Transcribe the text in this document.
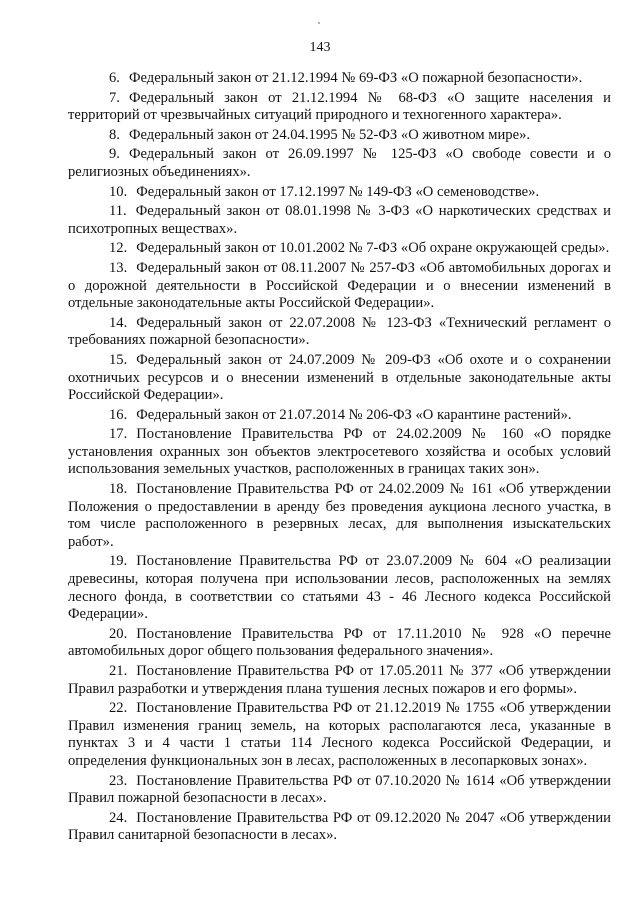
143

6. Федеральный закон от 21.12.1994 № 69-ФЗ «О пожарной безопасности».

7. Федеральный закон от 21.12.1994 № 68-ФЗ «О защите населения и территорий от чрезвычайных ситуаций природного и техногенного характера».

8. Федеральный закон от 24.04.1995 № 52-ФЗ «О животном мире».

9. Федеральный закон от 26.09.1997 № 125-ФЗ «О свободе совести и о религиозных объединениях».

10. Федеральный закон от 17.12.1997 № 149-ФЗ «О семеноводстве».

11. Федеральный закон от 08.01.1998 № 3-ФЗ «О наркотических средствах и психотропных веществах».

12. Федеральный закон от 10.01.2002 № 7-ФЗ «Об охране окружающей среды».

13. Федеральный закон от 08.11.2007 № 257-ФЗ «Об автомобильных дорогах и о дорожной деятельности в Российской Федерации и о внесении изменений в отдельные законодательные акты Российской Федерации».

14. Федеральный закон от 22.07.2008 № 123-ФЗ «Технический регламент о требованиях пожарной безопасности».

15. Федеральный закон от 24.07.2009 № 209-ФЗ «Об охоте и о сохранении охотничьих ресурсов и о внесении изменений в отдельные законодательные акты Российской Федерации».

16. Федеральный закон от 21.07.2014 № 206-ФЗ «О карантине растений».

17. Постановление Правительства РФ от 24.02.2009 № 160 «О порядке установления охранных зон объектов электросетевого хозяйства и особых условий использования земельных участков, расположенных в границах таких зон».

18. Постановление Правительства РФ от 24.02.2009 № 161 «Об утверждении Положения о предоставлении в аренду без проведения аукциона лесного участка, в том числе расположенного в резервных лесах, для выполнения изыскательских работ».

19. Постановление Правительства РФ от 23.07.2009 № 604 «О реализации древесины, которая получена при использовании лесов, расположенных на землях лесного фонда, в соответствии со статьями 43 - 46 Лесного кодекса Российской Федерации».

20. Постановление Правительства РФ от 17.11.2010 № 928 «О перечне автомобильных дорог общего пользования федерального значения».

21. Постановление Правительства РФ от 17.05.2011 № 377 «Об утверждении Правил разработки и утверждения плана тушения лесных пожаров и его формы».

22. Постановление Правительства РФ от 21.12.2019 № 1755 «Об утверждении Правил изменения границ земель, на которых располагаются леса, указанные в пунктах 3 и 4 части 1 статьи 114 Лесного кодекса Российской Федерации, и определения функциональных зон в лесах, расположенных в лесопарковых зонах».

23. Постановление Правительства РФ от 07.10.2020 № 1614 «Об утверждении Правил пожарной безопасности в лесах».

24. Постановление Правительства РФ от 09.12.2020 № 2047 «Об утверждении Правил санитарной безопасности в лесах».
